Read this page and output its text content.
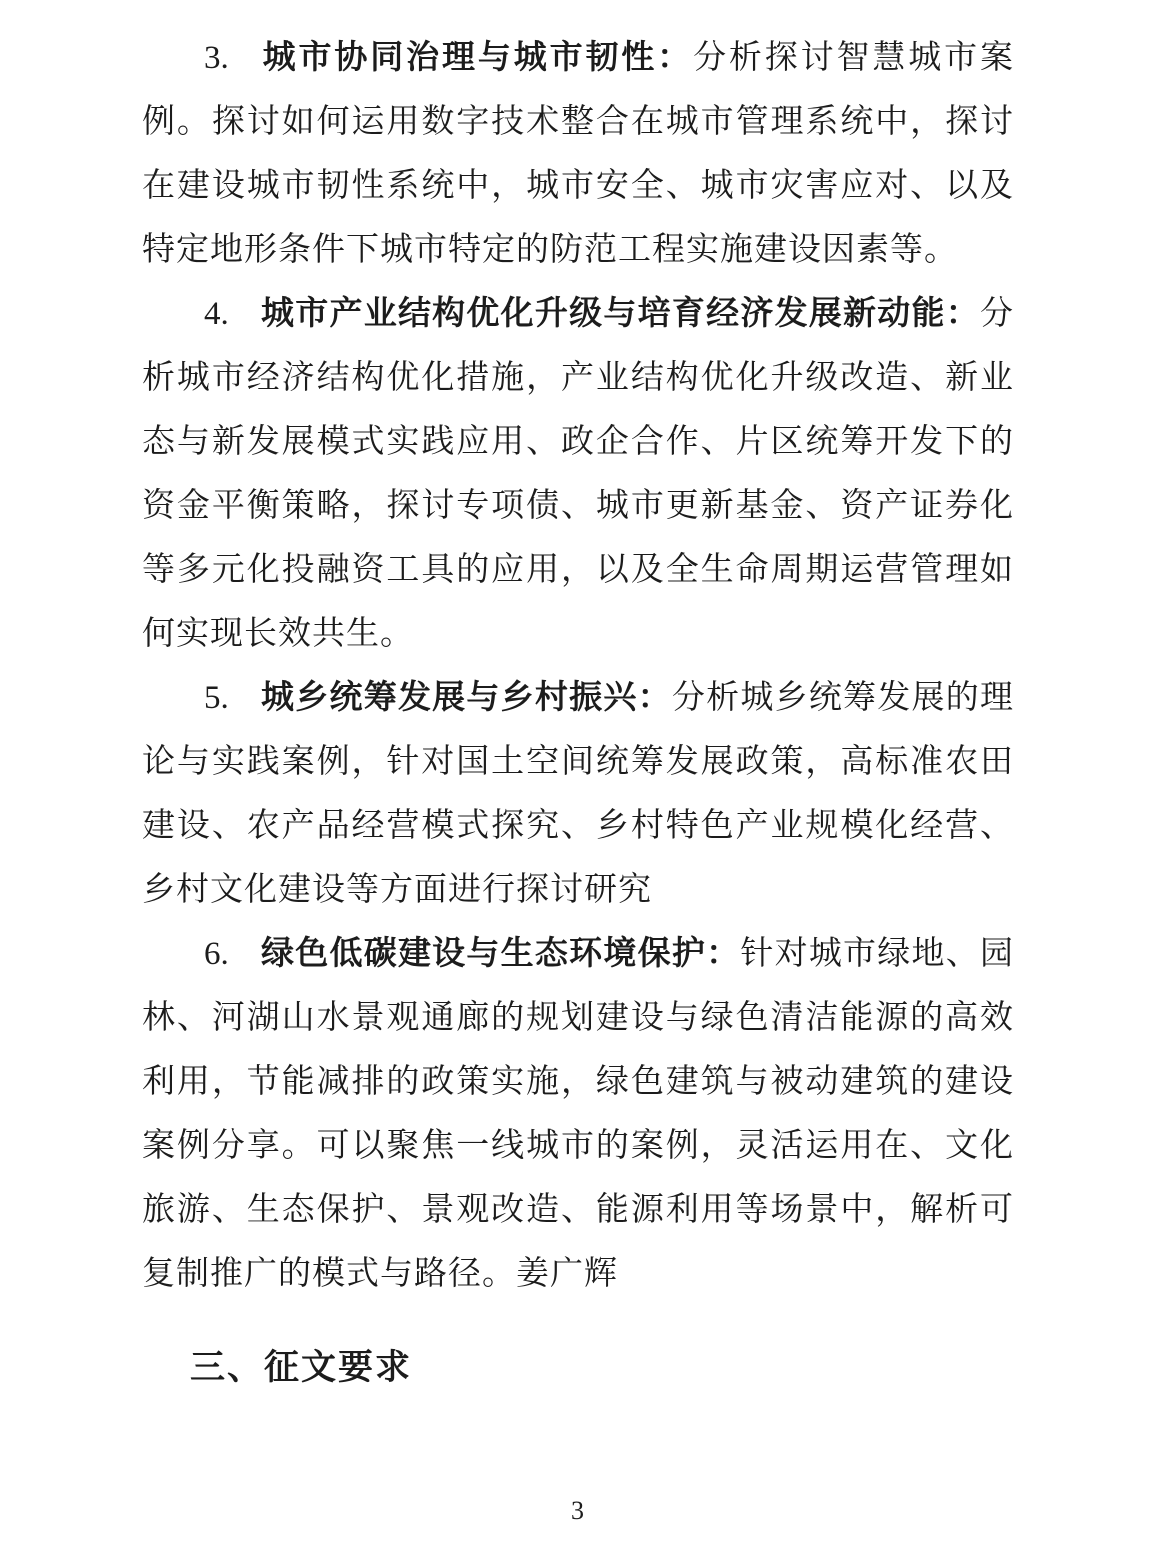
3. 城市协同治理与城市韧性：分析探讨智慧城市案例。探讨如何运用数字技术整合在城市管理系统中，探讨在建设城市韧性系统中，城市安全、城市灾害应对、以及特定地形条件下城市特定的防范工程实施建设因素等。

4. 城市产业结构优化升级与培育经济发展新动能：分析城市经济结构优化措施，产业结构优化升级改造、新业态与新发展模式实践应用、政企合作、片区统筹开发下的资金平衡策略，探讨专项债、城市更新基金、资产证券化等多元化投融资工具的应用，以及全生命周期运营管理如何实现长效共生。

5. 城乡统筹发展与乡村振兴：分析城乡统筹发展的理论与实践案例，针对国土空间统筹发展政策，高标准农田建设、农产品经营模式探究、乡村特色产业规模化经营、乡村文化建设等方面进行探讨研究

6. 绿色低碳建设与生态环境保护：针对城市绿地、园林、河湖山水景观通廊的规划建设与绿色清洁能源的高效利用，节能减排的政策实施，绿色建筑与被动建筑的建设案例分享。可以聚焦一线城市的案例，灵活运用在、文化旅游、生态保护、景观改造、能源利用等场景中，解析可复制推广的模式与路径。姜广辉

三、征文要求
3
